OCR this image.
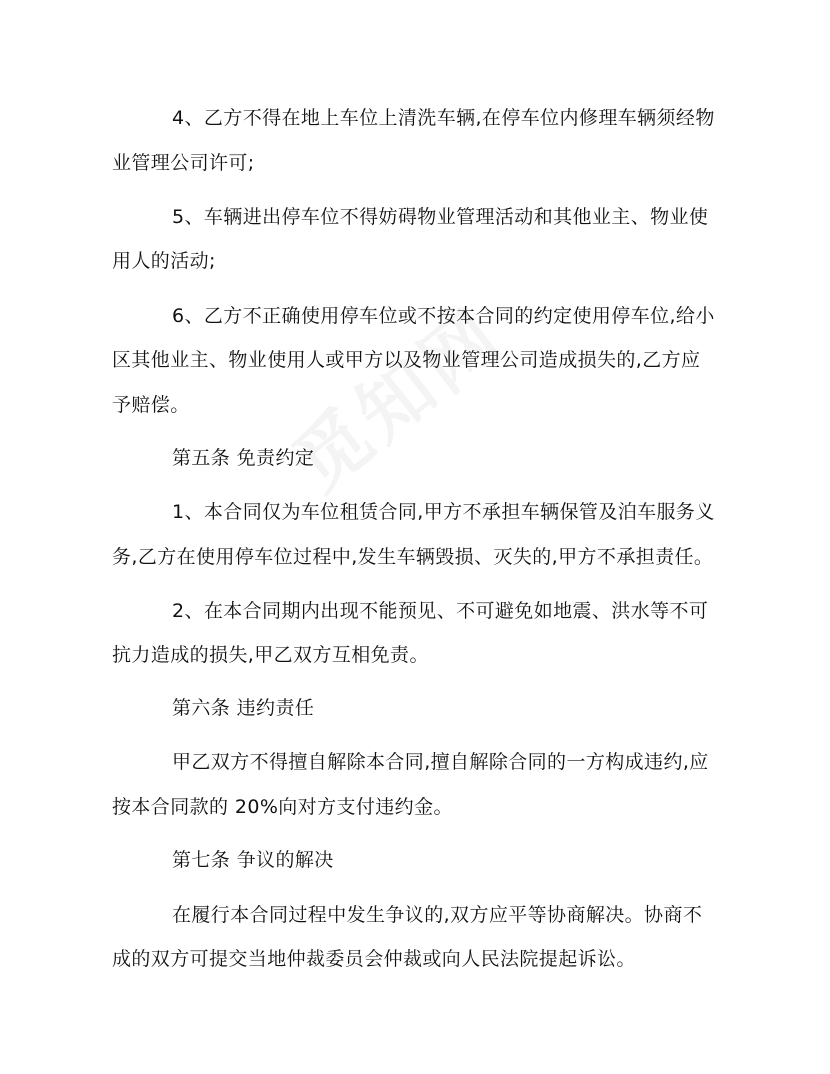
4、乙方不得在地上车位上清洗车辆,在停车位内修理车辆须经物
业管理公司许可;
5、车辆进出停车位不得妨碍物业管理活动和其他业主、物业使
用人的活动;
6、乙方不正确使用停车位或不按本合同的约定使用停车位,给小
区其他业主、物业使用人或甲方以及物业管理公司造成损失的,乙方应
予赔偿。
第五条 免责约定
1、本合同仅为车位租赁合同,甲方不承担车辆保管及泊车服务义
务,乙方在使用停车位过程中,发生车辆毁损、灭失的,甲方不承担责任。
2、在本合同期内出现不能预见、不可避免如地震、洪水等不可
抗力造成的损失,甲乙双方互相免责。
第六条 违约责任
甲乙双方不得擅自解除本合同,擅自解除合同的一方构成违约,应
按本合同款的 20%向对方支付违约金。
第七条 争议的解决
在履行本合同过程中发生争议的,双方应平等协商解决。协商不
成的双方可提交当地仲裁委员会仲裁或向人民法院提起诉讼。
